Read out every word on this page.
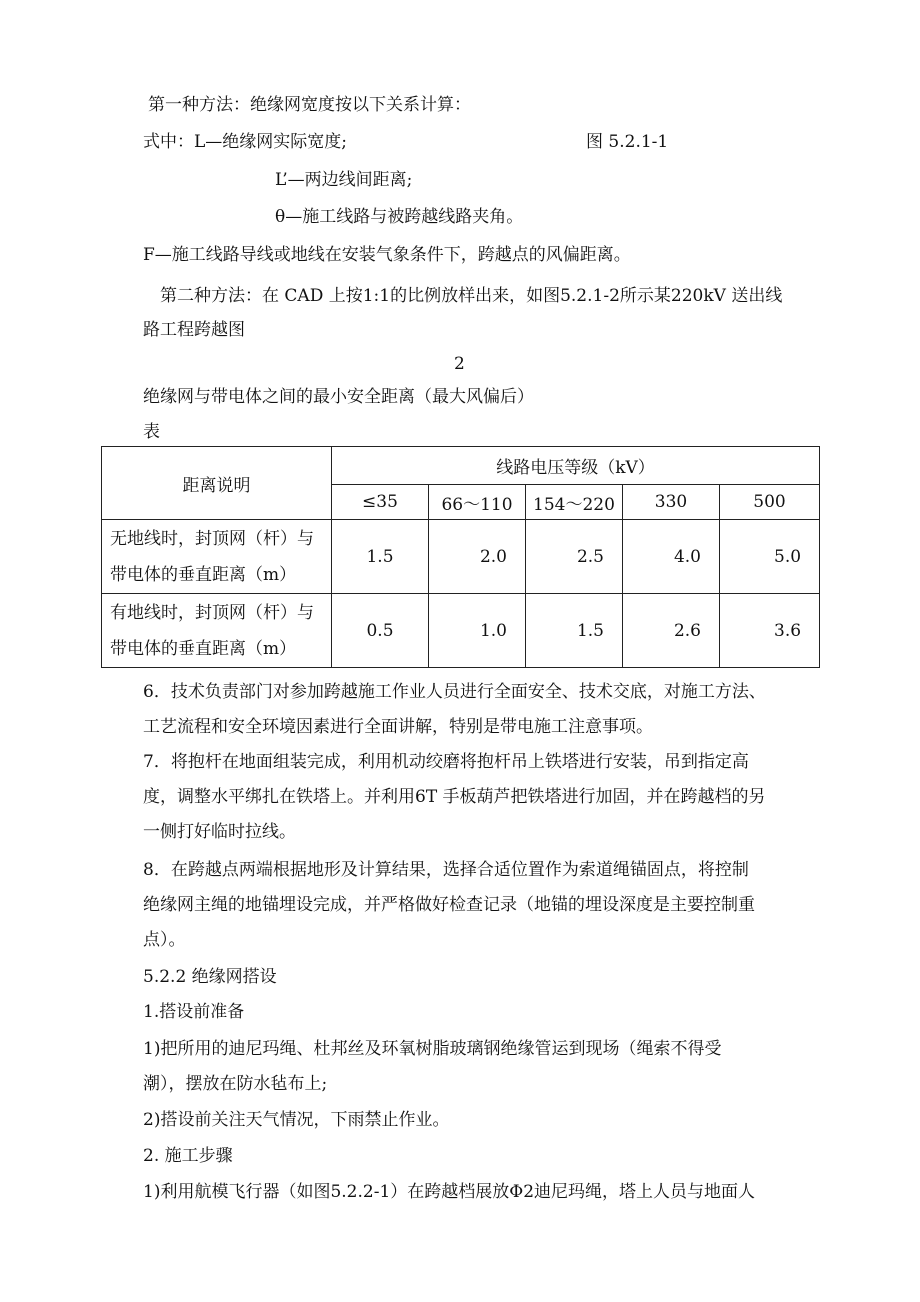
第一种方法：绝缘网宽度按以下关系计算：
式中：L—绝缘网实际宽度;	图 5.2.1-1
L’—两边线间距离;
θ—施工线路与被跨越线路夹角。
F—施工线路导线或地线在安装气象条件下，跨越点的风偏距离。
第二种方法：在 CAD 上按1:1的比例放样出来，如图5.2.1-2所示某220kV 送出线
路工程跨越图
2
绝缘网与带电体之间的最小安全距离（最大风偏后）
表
距离说明	线路电压等级（kV）				
	≤35	66～110	154～220	330	500

无地线时，封顶网（杆）与
带电体的垂直距离（m）	1.5	2.0	2.5	4.0	5.0

有地线时，封顶网（杆）与
带电体的垂直距离（m）	0.5	1.0	1.5	2.6	3.6
6．技术负责部门对参加跨越施工作业人员进行全面安全、技术交底，对施工方法、
工艺流程和安全环境因素进行全面讲解，特别是带电施工注意事项。
7．将抱杆在地面组装完成，利用机动绞磨将抱杆吊上铁塔进行安装，吊到指定高
度，调整水平绑扎在铁塔上。并利用6T 手板葫芦把铁塔进行加固，并在跨越档的另
一侧打好临时拉线。
8．在跨越点两端根据地形及计算结果，选择合适位置作为索道绳锚固点，将控制
绝缘网主绳的地锚埋设完成，并严格做好检查记录（地锚的埋设深度是主要控制重
点）。
5.2.2 绝缘网搭设
1.搭设前准备
1)把所用的迪尼玛绳、杜邦丝及环氧树脂玻璃钢绝缘管运到现场（绳索不得受
潮），摆放在防水毡布上;
2)搭设前关注天气情况，下雨禁止作业。
2. 施工步骤
1)利用航模飞行器（如图5.2.2-1）在跨越档展放Φ2迪尼玛绳，塔上人员与地面人
